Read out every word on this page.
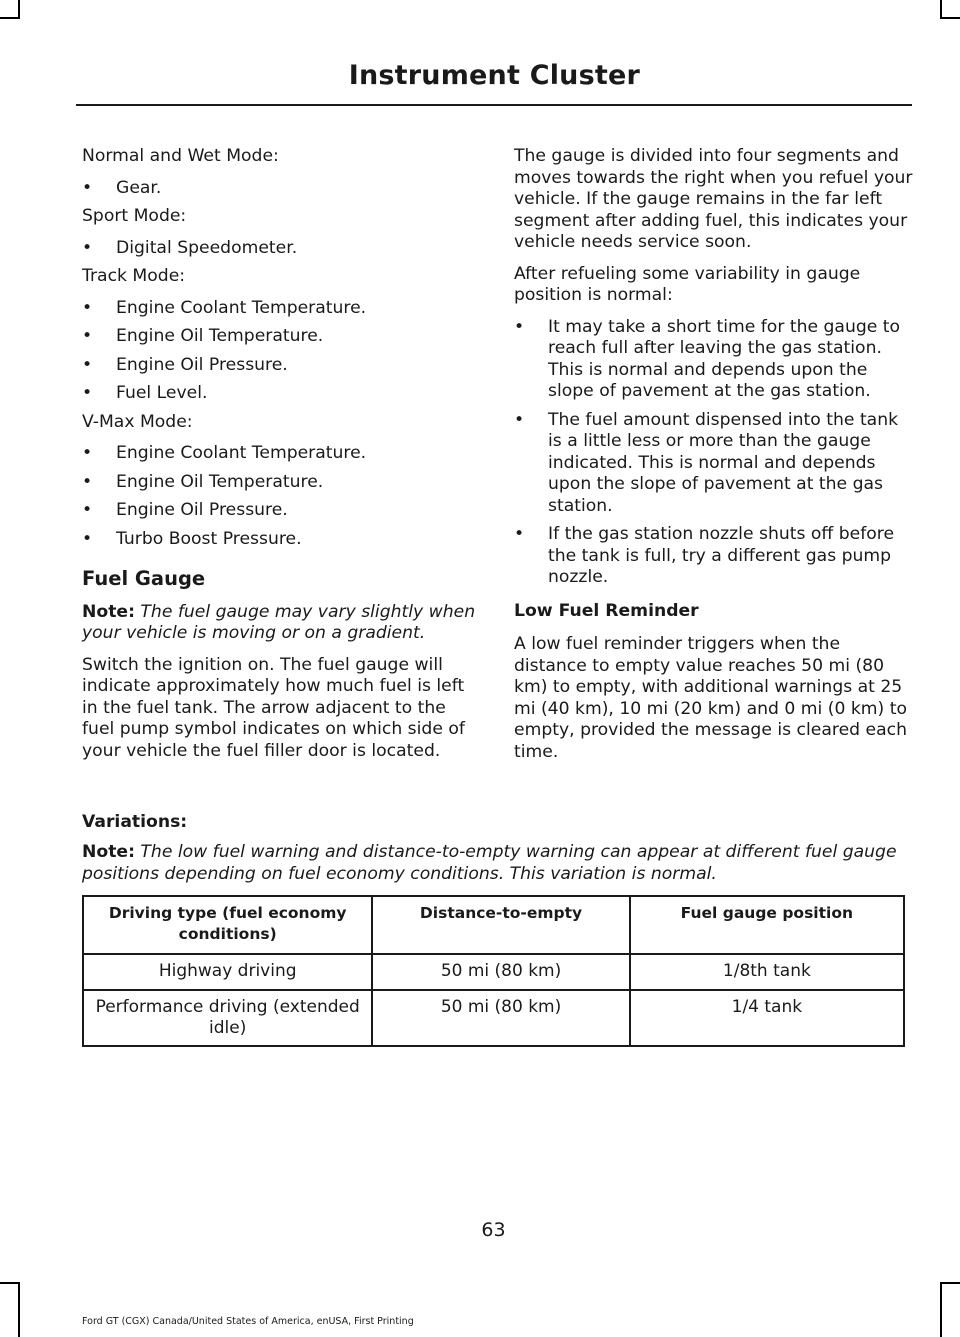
Instrument Cluster

Normal and Wet Mode:

• Gear.

Sport Mode:

• Digital Speedometer.

Track Mode:

• Engine Coolant Temperature.
• Engine Oil Temperature.
• Engine Oil Pressure.
• Fuel Level.

V-Max Mode:

• Engine Coolant Temperature.
• Engine Oil Temperature.
• Engine Oil Pressure.
• Turbo Boost Pressure.
Fuel Gauge

Note: The fuel gauge may vary slightly when your vehicle is moving or on a gradient.

Switch the ignition on. The fuel gauge will indicate approximately how much fuel is left in the fuel tank. The arrow adjacent to the fuel pump symbol indicates on which side of your vehicle the fuel filler door is located.

The gauge is divided into four segments and moves towards the right when you refuel your vehicle. If the gauge remains in the far left segment after adding fuel, this indicates your vehicle needs service soon.

After refueling some variability in gauge position is normal:

• It may take a short time for the gauge to reach full after leaving the gas station. This is normal and depends upon the slope of pavement at the gas station.
• The fuel amount dispensed into the tank is a little less or more than the gauge indicated. This is normal and depends upon the slope of pavement at the gas station.
• If the gas station nozzle shuts off before the tank is full, try a different gas pump nozzle.
Low Fuel Reminder

A low fuel reminder triggers when the distance to empty value reaches 50 mi (80 km) to empty, with additional warnings at 25 mi (40 km), 10 mi (20 km) and 0 mi (0 km) to empty, provided the message is cleared each time.

Variations:
Note: The low fuel warning and distance-to-empty warning can appear at different fuel gauge positions depending on fuel economy conditions. This variation is normal.
Driving type (fuel economy conditions)	Distance-to-empty	Fuel gauge position
Highway driving	50 mi (80 km)	1/8th tank
Performance driving (extended idle)	50 mi (80 km)	1/4 tank
63
Ford GT (CGX) Canada/United States of America, enUSA, First Printing
